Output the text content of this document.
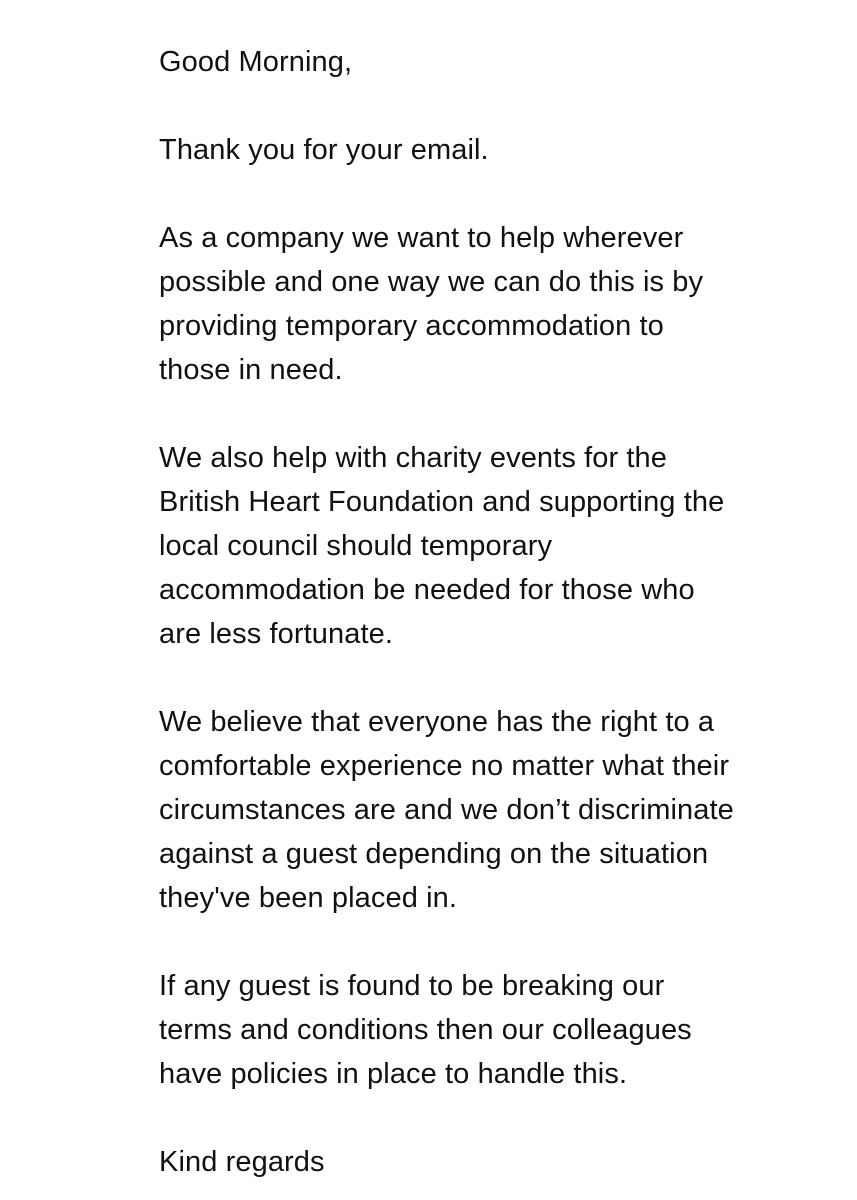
Good Morning,

Thank you for your email.

As a company we want to help wherever
possible and one way we can do this is by
providing temporary accommodation to
those in need.

We also help with charity events for the
British Heart Foundation and supporting the
local council should temporary
accommodation be needed for those who
are less fortunate.

We believe that everyone has the right to a
comfortable experience no matter what their
circumstances are and we don’t discriminate
against a guest depending on the situation
they've been placed in.

If any guest is found to be breaking our
terms and conditions then our colleagues
have policies in place to handle this.

Kind regards
